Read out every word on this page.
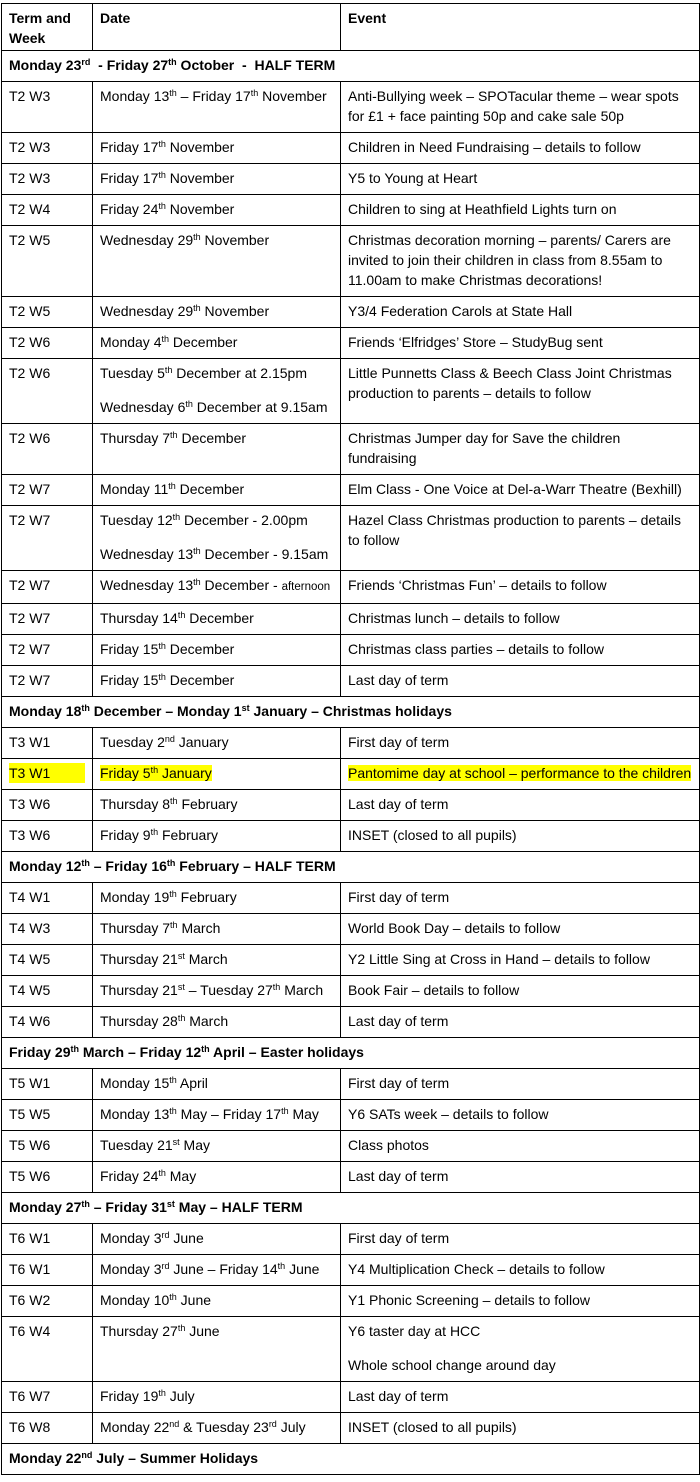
Term and Week	Date	Event
Monday 23rd  - Friday 27th October  -  HALF TERM		

T2 W3	Monday 13th – Friday 17th November	Anti-Bullying week – SPOTacular theme – wear spots for £1 + face painting 50p and cake sale 50p

T2 W3	Friday 17th November	Children in Need Fundraising – details to follow

T2 W3	Friday 17th November	Y5 to Young at Heart

T2 W4	Friday 24th November	Children to sing at Heathfield Lights turn on

T2 W5	Wednesday 29th November	Christmas decoration morning – parents/ Carers are invited to join their children in class from 8.55am to 11.00am to make Christmas decorations!

T2 W5	Wednesday 29th November	Y3/4 Federation Carols at State Hall

T2 W6	Monday 4th December	Friends ‘Elfridges’ Store – StudyBug sent

T2 W6	Tuesday 5th December at 2.15pm
Wednesday 6th December at 9.15am	Little Punnetts Class & Beech Class Joint Christmas production to parents – details to follow

T2 W6	Thursday 7th December	Christmas Jumper day for Save the children fundraising

T2 W7	Monday 11th December	Elm Class - One Voice at Del-a-Warr Theatre (Bexhill)

T2 W7	Tuesday 12th December - 2.00pm
Wednesday 13th December - 9.15am	Hazel Class Christmas production to parents – details to follow

T2 W7	Wednesday 13th December - afternoon	Friends ‘Christmas Fun’ – details to follow

T2 W7	Thursday 14th December	Christmas lunch – details to follow

T2 W7	Friday 15th December	Christmas class parties – details to follow

T2 W7	Friday 15th December	Last day of term

Monday 18th December – Monday 1st January – Christmas holidays		

T3 W1	Tuesday 2nd January	First day of term

T3 W1	Friday 5th January	Pantomime day at school – performance to the children

T3 W6	Thursday 8th February	Last day of term

T3 W6	Friday 9th February	INSET (closed to all pupils)

Monday 12th – Friday 16th February – HALF TERM		

T4 W1	Monday 19th February	First day of term

T4 W3	Thursday 7th March	World Book Day – details to follow

T4 W5	Thursday 21st March	Y2 Little Sing at Cross in Hand – details to follow

T4 W5	Thursday 21st – Tuesday 27th March	Book Fair – details to follow

T4 W6	Thursday 28th March	Last day of term

Friday 29th March – Friday 12th April – Easter holidays		

T5 W1	Monday 15th April	First day of term

T5 W5	Monday 13th May – Friday 17th May	Y6 SATs week – details to follow

T5 W6	Tuesday 21st May	Class photos

T5 W6	Friday 24th May	Last day of term

Monday 27th – Friday 31st May – HALF TERM		

T6 W1	Monday 3rd June	First day of term

T6 W1	Monday 3rd June – Friday 14th June	Y4 Multiplication Check – details to follow

T6 W2	Monday 10th June	Y1 Phonic Screening – details to follow

T6 W4	Thursday 27th June	Y6 taster day at HCC
Whole school change around day

T6 W7	Friday 19th July	Last day of term

T6 W8	Monday 22nd & Tuesday 23rd July	INSET (closed to all pupils)

Monday 22nd July – Summer Holidays		
